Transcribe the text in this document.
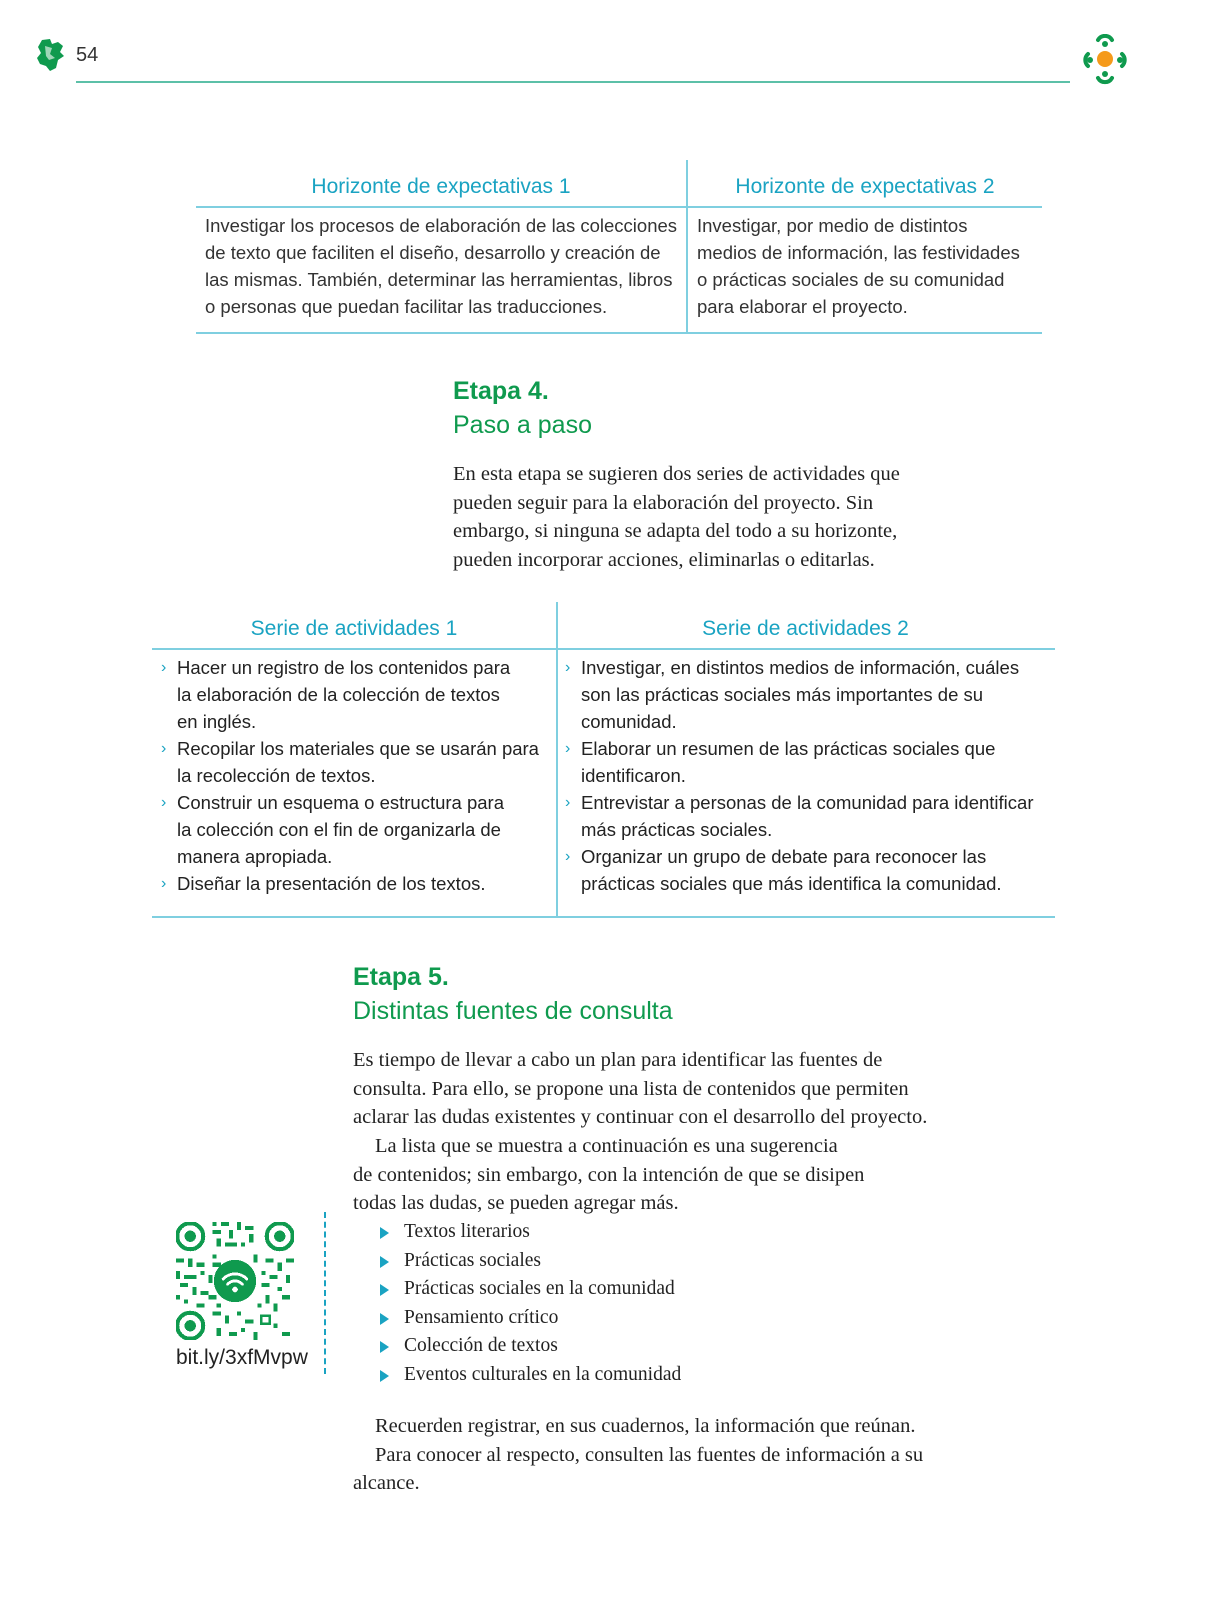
54
Horizonte de expectativas 1
Investigar los procesos de elaboración de las colecciones
de texto que faciliten el diseño, desarrollo y creación de
las mismas. También, determinar las herramientas, libros
o personas que puedan facilitar las traducciones.
Horizonte de expectativas 2
Investigar, por medio de distintos
medios de información, las festividades
o prácticas sociales de su comunidad
para elaborar el proyecto.
Etapa 4.
Paso a paso
En esta etapa se sugieren dos series de actividades que
pueden seguir para la elaboración del proyecto. Sin
embargo, si ninguna se adapta del todo a su horizonte,
pueden incorporar acciones, eliminarlas o editarlas.
Serie de actividades 1
› Hacer un registro de los contenidos para
la elaboración de la colección de textos
en inglés.
› Recopilar los materiales que se usarán para
la recolección de textos.
› Construir un esquema o estructura para
la colección con el fin de organizarla de
manera apropiada.
› Diseñar la presentación de los textos.
Serie de actividades 2
› Investigar, en distintos medios de información, cuáles
son las prácticas sociales más importantes de su
comunidad.
› Elaborar un resumen de las prácticas sociales que
identificaron.
› Entrevistar a personas de la comunidad para identificar
más prácticas sociales.
› Organizar un grupo de debate para reconocer las
prácticas sociales que más identifica la comunidad.
Etapa 5.
Distintas fuentes de consulta
Es tiempo de llevar a cabo un plan para identificar las fuentes de
consulta. Para ello, se propone una lista de contenidos que permiten
aclarar las dudas existentes y continuar con el desarrollo del proyecto.
La lista que se muestra a continuación es una sugerencia
de contenidos; sin embargo, con la intención de que se disipen
todas las dudas, se pueden agregar más.
Textos literarios
Prácticas sociales
Prácticas sociales en la comunidad
Pensamiento crítico
Colección de textos
Eventos culturales en la comunidad
Recuerden registrar, en sus cuadernos, la información que reúnan.
Para conocer al respecto, consulten las fuentes de información a su
alcance.
bit.ly/3xfMvpw
